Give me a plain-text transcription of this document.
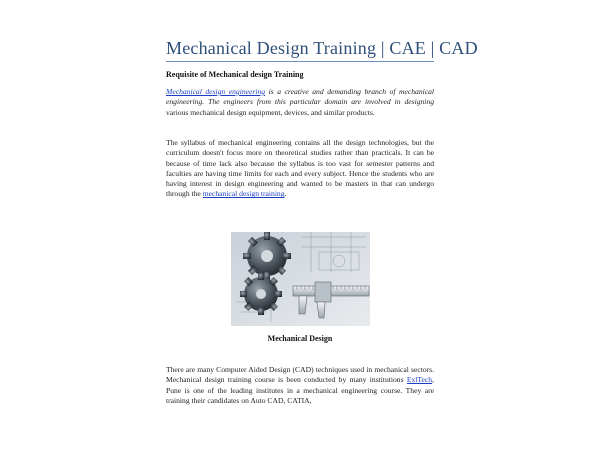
Mechanical Design Training | CAE | CAD
Requisite of Mechanical design Training
Mechanical design engineering is a creative and demanding branch of mechanical engineering. The engineers from this particular domain are involved in designing various mechanical design equipment, devices, and similar products.
The syllabus of mechanical engineering contains all the design technologies, but the curriculum doesn't focus more on theoretical studies rather than practicals. It can be because of time lack also because the syllabus is too vast for semester patterns and faculties are having time limits for each and every subject. Hence the students who are having interest in design engineering and wanted to be masters in that can undergo through the mechanical design training.
Mechanical Design
There are many Computer Aided Design (CAD) techniques used in mechanical sectors. Mechanical design training course is been conducted by many institutions ExlTech, Pune is one of the leading institutes in a mechanical engineering course. They are training their candidates on Auto CAD, CATIA,
